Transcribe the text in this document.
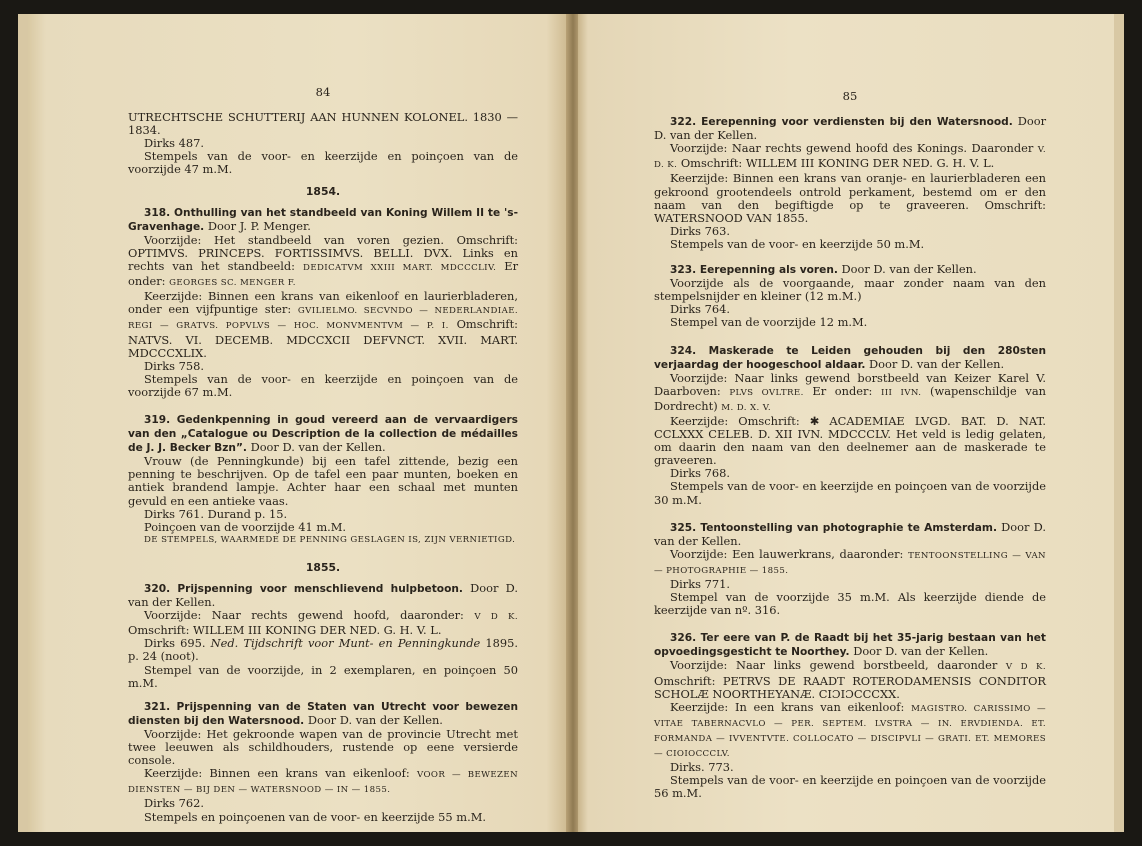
84

UTRECHTSCHE SCHUTTERIJ AAN HUNNEN KOLONEL. 1830 — 1834.

Dirks 487.

Stempels van de voor- en keerzijde en poinçoen van de voorzijde 47 m.M.

1854.

318. Onthulling van het standbeeld van Koning Willem II te 's-Gravenhage. Door J. P. Menger.

Voorzijde: Het standbeeld van voren gezien. Omschrift: OPTIMVS. PRINCEPS. FORTISSIMVS. BELLI. DVX. Links en rechts van het standbeeld: DEDICATVM XXIII MART. MDCCCLIV. Er onder: GEORGES SC. MENGER F.

Keerzijde: Binnen een krans van eikenloof en laurierbladeren, onder een vijfpuntige ster: GVILIELMO. SECVNDO — NEDERLANDIAE. REGI — GRATVS. POPVLVS — HOC. MONVMENTVM — P. I. Omschrift: NATVS. VI. DECEMB. MDCCXCII DEFVNCT. XVII. MART. MDCCCXLIX.

Dirks 758.

Stempels van de voor- en keerzijde en poinçoen van de voorzijde 67 m.M.

319. Gedenkpenning in goud vereerd aan de vervaardigers van den „Catalogue ou Description de la collection de médailles de J. J. Becker Bzn”. Door D. van der Kellen.

Vrouw (de Penningkunde) bij een tafel zittende, bezig een penning te beschrijven. Op de tafel een paar munten, boeken en antiek brandend lampje. Achter haar een schaal met munten gevuld en een antieke vaas.

Dirks 761. Durand p. 15.

Poinçoen van de voorzijde 41 m.M.

DE STEMPELS, WAARMEDE DE PENNING GESLAGEN IS, ZIJN VERNIETIGD.

1855.

320. Prijspenning voor menschlievend hulpbetoon. Door D. van der Kellen.

Voorzijde: Naar rechts gewend hoofd, daaronder: V D K. Omschrift: WILLEM III KONING DER NED. G. H. V. L.

Dirks 695. Ned. Tijdschrift voor Munt- en Penningkunde 1895. p. 24 (noot).

Stempel van de voorzijde, in 2 exemplaren, en poinçoen 50 m.M.

321. Prijspenning van de Staten van Utrecht voor bewezen diensten bij den Watersnood. Door D. van der Kellen.

Voorzijde: Het gekroonde wapen van de provincie Utrecht met twee leeuwen als schildhouders, rustende op eene versierde console.

Keerzijde: Binnen een krans van eikenloof: VOOR — BEWEZEN DIENSTEN — BIJ DEN — WATERSNOOD — IN — 1855.

Dirks 762.

Stempels en poinçoenen van de voor- en keerzijde 55 m.M.

85

322. Eerepenning voor verdiensten bij den Watersnood. Door D. van der Kellen.

Voorzijde: Naar rechts gewend hoofd des Konings. Daaronder V. D. K. Omschrift: WILLEM III KONING DER NED. G. H. V. L.

Keerzijde: Binnen een krans van oranje- en laurierbladeren een gekroond grootendeels ontrold perkament, bestemd om er den naam van den begiftigde op te graveeren. Omschrift: WATERSNOOD VAN 1855.

Dirks 763.

Stempels van de voor- en keerzijde 50 m.M.

323. Eerepenning als voren. Door D. van der Kellen.

Voorzijde als de voorgaande, maar zonder naam van den stempelsnijder en kleiner (12 m.M.)

Dirks 764.

Stempel van de voorzijde 12 m.M.

324. Maskerade te Leiden gehouden bij den 280sten verjaardag der hoogeschool aldaar. Door D. van der Kellen.

Voorzijde: Naar links gewend borstbeeld van Keizer Karel V. Daarboven: PLVS OVLTRE. Er onder: III IVN. (wapenschildje van Dordrecht) M. D. X. V.

Keerzijde: Omschrift: ✱ ACADEMIAE LVGD. BAT. D. NAT. CCLXXX CELEB. D. XII IVN. MDCCCLV. Het veld is ledig gelaten, om daarin den naam van den deelnemer aan de maskerade te graveeren.

Dirks 768.

Stempels van de voor- en keerzijde en poinçoen van de voorzijde 30 m.M.

325. Tentoonstelling van photographie te Amsterdam. Door D. van der Kellen.

Voorzijde: Een lauwerkrans, daaronder: TENTOONSTELLING — VAN — PHOTOGRAPHIE — 1855.

Dirks 771.

Stempel van de voorzijde 35 m.M. Als keerzijde diende de keerzijde van nº. 316.

326. Ter eere van P. de Raadt bij het 35-jarig bestaan van het opvoedingsgesticht te Noorthey. Door D. van der Kellen.

Voorzijde: Naar links gewend borstbeeld, daaronder V D K. Omschrift: PETRVS DE RAADT ROTERODAMENSIS CONDITOR SCHOLÆ NOORTHEYANÆ. CIƆIƆCCCXX.

Keerzijde: In een krans van eikenloof: MAGISTRO. CARISSIMO — VITAE TABERNACVLO — PER. SEPTEM. LVSTRA — IN. ERVDIENDA. ET. FORMANDA — IVVENTVTE. COLLOCATO — DISCIPVLI — GRATI. ET. MEMORES — CIOIOCCCLV.

Dirks. 773.

Stempels van de voor- en keerzijde en poinçoen van de voorzijde 56 m.M.
